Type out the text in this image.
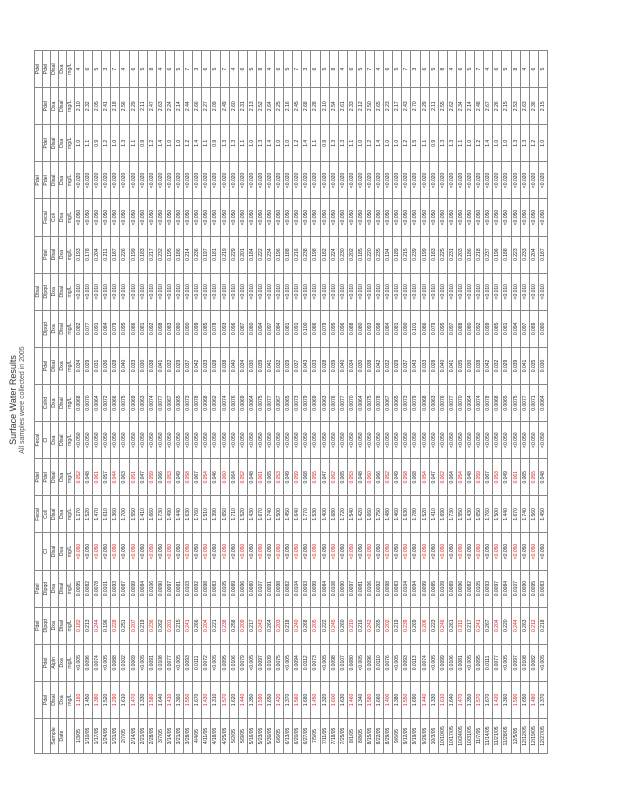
Surface Water Results All samples were collected in 2005
			Pdel	Pdel		Fecal	Pdel	Fecal				Dlsal			Pdel			Pdel
	Pdel	Pdel	Dlpqd	Dlpqd	Cl	Coli	Pdel	Cl	Colrd	Pdel	Dlpqd	Dlpqd	Pdel	Fecal	Pdel	Pdel	Pdel	Pdel
Sample	Dlsal	Alpln	Dxa	Dxa	Dlsal	Dlsal	Dlsal	Dxa	Dxa	Dlsal	Dxa	Dxa	Dlsal	Coli	Dlsal	Dlsal	Dxa	Dlsal
Date	Dxa	Dxa	Dlsal	Dlsal	Dxa	Dxa	Dxa	Dlsal	Dlsal	Dxa	Dlsal	Dlsal	Dxa	Dxa	Dxa	Dxa	Dlsal	Dxa
	mg/L	mg/L	mg/L	mg/L	mg/L	mg/L	mg/L	mg/L	mg/L	mg/L	mg/L	mg/L	mg/L	mg/L	mg/L	mg/L	mg/L	mg/L
1/3/05	1.160	<0.005	0.182	0.0095	<0.050	1.170	0.052	<0.050	0.0068	0.034	0.082	<0.010	0.193	<0.050	<0.020	1.0	2.10	4
1/10/05	1.450	0.0096	0.213	0.0082	<0.050	1.520	0.048	<0.050	0.0070	0.029	0.077	<0.010	0.178	<0.050	<0.020	1.1	2.32	6
1/17/05	1.380	0.0074	0.244	0.0078	<0.050	1.470	0.061	<0.050	0.0064	0.031	0.091	<0.010	0.204	<0.050	<0.020	0.9	2.05	5
1/24/05	1.520	<0.005	0.196	0.0101	<0.050	1.610	0.057	<0.050	0.0072	0.036	0.084	<0.010	0.211	<0.050	<0.020	1.2	2.41	3
1/31/05	1.290	0.0088	0.228	0.0093	<0.050	1.360	0.044	<0.050	0.0066	0.028	0.079	<0.010	0.187	<0.050	<0.020	1.0	2.18	7
2/7/05	1.610	0.0102	0.251	0.0087	<0.050	1.700	0.063	<0.050	0.0075	0.040	0.095	<0.010	0.226	<0.050	<0.020	1.3	2.56	4
2/14/05	1.470	0.0069	0.207	0.0099	<0.050	1.550	0.051	<0.050	0.0069	0.033	0.086	<0.010	0.199	<0.050	<0.020	1.1	2.29	6
2/21/05	1.330	<0.005	0.219	0.0084	<0.050	1.410	0.047	<0.050	0.0063	0.030	0.081	<0.010	0.183	<0.050	<0.020	0.9	2.11	5
2/28/05	1.580	0.0091	0.236	0.0106	<0.050	1.660	0.059	<0.050	0.0074	0.038	0.092	<0.010	0.217	<0.050	<0.020	1.2	2.47	8
3/7/05	1.640	0.0108	0.262	0.0090	<0.050	1.730	0.066	<0.050	0.0077	0.041	0.098	<0.010	0.232	<0.050	<0.020	1.4	2.63	4
3/14/05	1.410	0.0077	0.201	0.0097	<0.050	1.490	0.053	<0.050	0.0067	0.032	0.083	<0.010	0.195	<0.050	<0.020	1.0	2.24	6
3/21/05	1.360	<0.005	0.215	0.0081	<0.050	1.440	0.049	<0.050	0.0065	0.029	0.080	<0.010	0.186	<0.050	<0.020	1.0	2.14	5
3/28/05	1.550	0.0093	0.241	0.0103	<0.050	1.630	0.058	<0.050	0.0073	0.037	0.090	<0.010	0.214	<0.050	<0.020	1.2	2.44	7
4/4/05	1.670	0.0111	0.266	0.0092	<0.050	1.760	0.067	<0.050	0.0078	0.042	0.099	<0.010	0.236	<0.050	<0.020	1.4	2.66	3
4/11/05	1.430	0.0072	0.204	0.0098	<0.050	1.510	0.054	<0.050	0.0068	0.033	0.085	<0.010	0.197	<0.050	<0.020	1.1	2.27	6
4/18/05	1.310	<0.005	0.221	0.0083	<0.050	1.390	0.046	<0.050	0.0062	0.028	0.078	<0.010	0.181	<0.050	<0.020	0.9	2.09	5
4/25/05	1.570	0.0095	0.238	0.0105	<0.050	1.650	0.060	<0.050	0.0074	0.038	0.093	<0.010	0.219	<0.050	<0.020	1.3	2.49	7
5/2/05	1.620	0.0106	0.258	0.0089	<0.050	1.710	0.064	<0.050	0.0076	0.040	0.096	<0.010	0.229	<0.050	<0.020	1.3	2.60	4
5/9/05	1.440	0.0079	0.209	0.0096	<0.050	1.520	0.052	<0.050	0.0069	0.034	0.087	<0.010	0.201	<0.050	<0.020	1.1	2.31	6
5/16/05	1.350	<0.005	0.217	0.0080	<0.050	1.430	0.048	<0.050	0.0064	0.030	0.080	<0.010	0.184	<0.050	<0.020	1.0	2.13	5
5/23/05	1.590	0.0097	0.243	0.0107	<0.050	1.670	0.061	<0.050	0.0075	0.039	0.094	<0.010	0.222	<0.050	<0.020	1.3	2.52	8
5/30/05	1.650	0.0109	0.264	0.0091	<0.050	1.740	0.065	<0.050	0.0077	0.041	0.097	<0.010	0.234	<0.050	<0.020	1.4	2.64	4
6/6/05	1.420	0.0075	0.203	0.0098	<0.050	1.500	0.053	<0.050	0.0067	0.032	0.084	<0.010	0.196	<0.050	<0.020	1.0	2.25	6
6/13/05	1.370	<0.005	0.218	0.0082	<0.050	1.450	0.049	<0.050	0.0065	0.029	0.081	<0.010	0.188	<0.050	<0.020	1.0	2.16	5
6/20/05	1.560	0.0094	0.240	0.0104	<0.050	1.640	0.059	<0.050	0.0073	0.037	0.091	<0.010	0.216	<0.050	<0.020	1.2	2.45	7
6/27/05	1.680	0.0112	0.268	0.0093	<0.050	1.770	0.068	<0.050	0.0079	0.043	0.100	<0.010	0.238	<0.050	<0.020	1.4	2.68	3
7/5/05	1.450	0.0073	0.205	0.0099	<0.050	1.530	0.055	<0.050	0.0069	0.033	0.086	<0.010	0.198	<0.050	<0.020	1.1	2.28	6
7/11/05	1.320	<0.005	0.222	0.0084	<0.050	1.400	0.047	<0.050	0.0063	0.028	0.079	<0.010	0.182	<0.050	<0.020	0.9	2.10	5
7/18/05	1.600	0.0098	0.245	0.0108	<0.050	1.680	0.062	<0.050	0.0076	0.039	0.095	<0.010	0.224	<0.050	<0.020	1.3	2.54	8
7/25/05	1.630	0.0107	0.260	0.0090	<0.050	1.720	0.065	<0.050	0.0077	0.040	0.096	<0.010	0.230	<0.050	<0.020	1.3	2.61	4
8/1/05	1.460	0.0080	0.210	0.0097	<0.050	1.540	0.053	<0.050	0.0070	0.034	0.088	<0.010	0.202	<0.050	<0.020	1.1	2.33	6
8/8/05	1.340	<0.005	0.216	0.0081	<0.050	1.420	0.048	<0.050	0.0064	0.030	0.080	<0.010	0.185	<0.050	<0.020	1.0	2.12	5
8/15/05	1.580	0.0096	0.242	0.0106	<0.050	1.660	0.060	<0.050	0.0075	0.038	0.093	<0.010	0.220	<0.050	<0.020	1.2	2.50	7
8/22/05	1.660	0.0110	0.265	0.0092	<0.050	1.750	0.066	<0.050	0.0078	0.042	0.098	<0.010	0.235	<0.050	<0.020	1.4	2.65	4
8/29/05	1.400	0.0076	0.202	0.0098	<0.050	1.480	0.052	<0.050	0.0067	0.032	0.084	<0.010	0.194	<0.050	<0.020	1.0	2.23	6
9/6/05	1.380	<0.005	0.219	0.0083	<0.050	1.460	0.049	<0.050	0.0065	0.029	0.081	<0.010	0.189	<0.050	<0.020	1.0	2.17	5
9/12/05	1.550	0.0093	0.239	0.0104	<0.050	1.630	0.058	<0.050	0.0073	0.037	0.090	<0.010	0.215	<0.050	<0.020	1.2	2.43	7
9/19/05	1.690	0.0113	0.269	0.0094	<0.050	1.780	0.068	<0.050	0.0079	0.043	0.101	<0.010	0.239	<0.050	<0.020	1.5	2.70	3
9/26/05	1.440	0.0074	0.206	0.0099	<0.050	1.520	0.054	<0.050	0.0068	0.033	0.086	<0.010	0.199	<0.050	<0.020	1.1	2.29	6
10/3/05	1.330	<0.005	0.223	0.0085	<0.050	1.410	0.047	<0.050	0.0063	0.028	0.079	<0.010	0.183	<0.050	<0.020	0.9	2.11	5
10/10/05	1.610	0.0099	0.246	0.0109	<0.050	1.690	0.062	<0.050	0.0076	0.040	0.095	<0.010	0.225	<0.050	<0.020	1.3	2.55	8
10/17/05	1.640	0.0106	0.261	0.0089	<0.050	1.730	0.064	<0.050	0.0077	0.041	0.097	<0.010	0.231	<0.050	<0.020	1.3	2.62	4
10/24/05	1.470	0.0081	0.211	0.0096	<0.050	1.550	0.054	<0.050	0.0070	0.035	0.088	<0.010	0.203	<0.050	<0.020	1.1	2.34	6
10/31/05	1.350	<0.005	0.217	0.0082	<0.050	1.430	0.048	<0.050	0.0064	0.030	0.080	<0.010	0.186	<0.050	<0.020	1.0	2.14	5
11/7/05	1.570	0.0095	0.241	0.0105	<0.050	1.650	0.059	<0.050	0.0074	0.038	0.092	<0.010	0.218	<0.050	<0.020	1.2	2.48	7
11/14/05	1.670	0.0111	0.267	0.0093	<0.050	1.760	0.067	<0.050	0.0078	0.042	0.099	<0.010	0.237	<0.050	<0.020	1.4	2.67	4
11/21/05	1.420	0.0077	0.204	0.0097	<0.050	1.500	0.053	<0.050	0.0068	0.032	0.085	<0.010	0.196	<0.050	<0.020	1.0	2.26	6
11/28/05	1.360	<0.005	0.220	0.0084	<0.050	1.440	0.049	<0.050	0.0065	0.029	0.081	<0.010	0.188	<0.050	<0.020	1.0	2.15	5
12/5/05	1.590	0.0097	0.244	0.0107	<0.050	1.670	0.061	<0.050	0.0075	0.039	0.094	<0.010	0.223	<0.050	<0.020	1.3	2.53	8
12/12/05	1.650	0.0108	0.263	0.0090	<0.050	1.740	0.065	<0.050	0.0077	0.041	0.097	<0.010	0.233	<0.050	<0.020	1.3	2.63	4
12/19/05	1.480	0.0082	0.212	0.0095	<0.050	1.560	0.055	<0.050	0.0071	0.035	0.089	<0.010	0.204	<0.050	<0.020	1.2	2.36	6
12/27/05	1.370	<0.005	0.218	0.0083	<0.050	1.450	0.048	<0.050	0.0064	0.030	0.080	<0.010	0.187	<0.050	<0.020	1.0	2.15	5
